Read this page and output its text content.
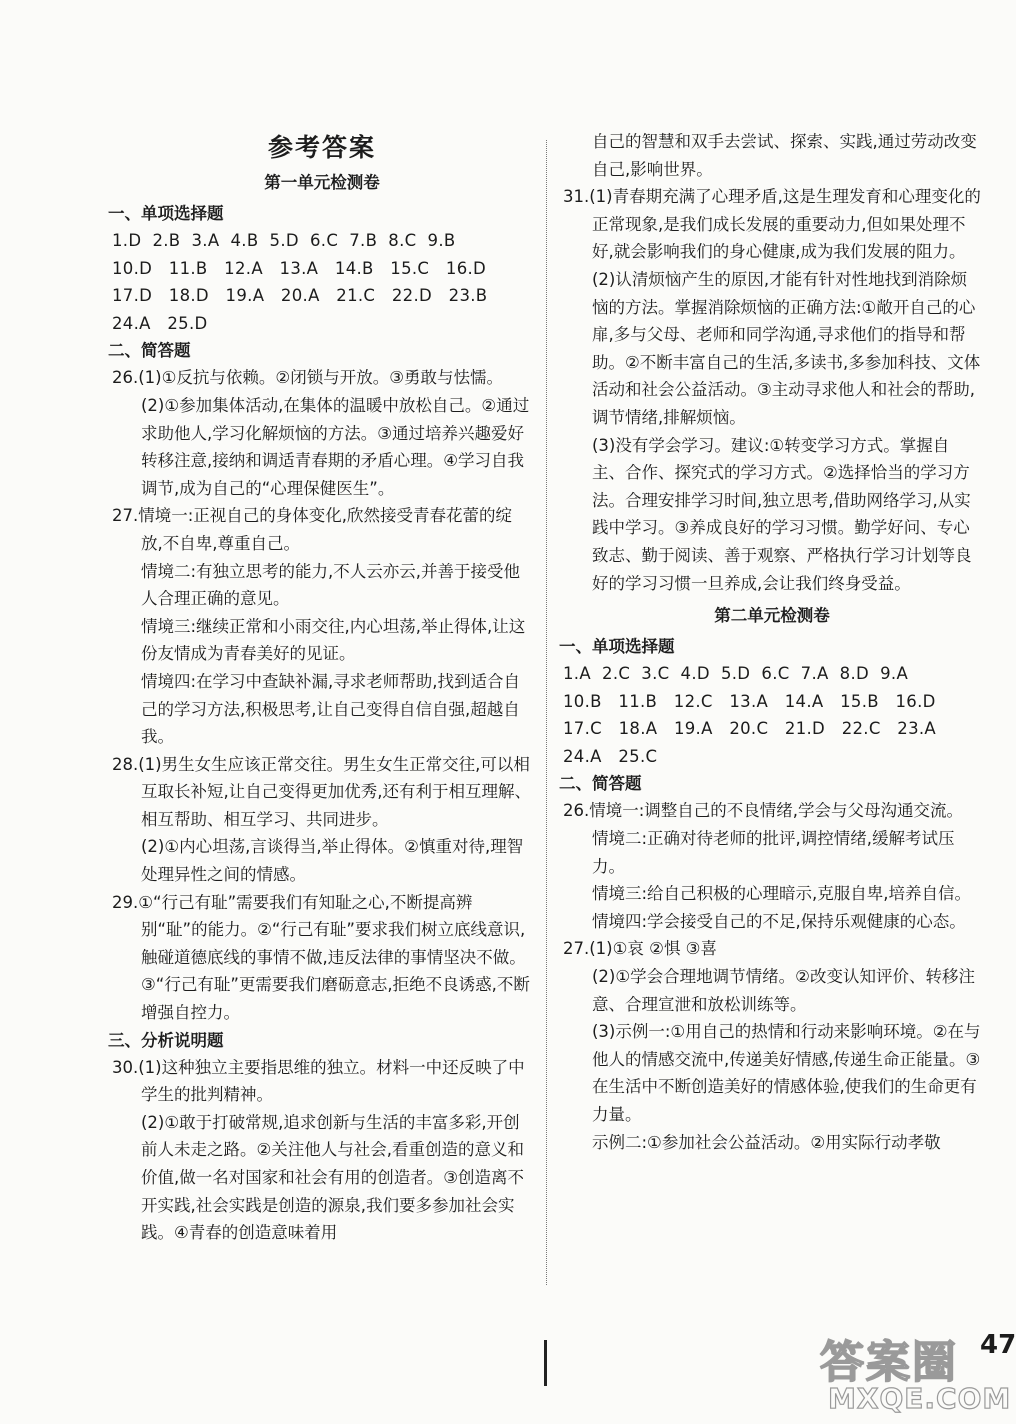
参考答案
第一单元检测卷
一、单项选择题
1.D  2.B  3.A  4.B  5.D  6.C  7.B  8.C  9.B
10.D   11.B   12.A   13.A   14.B   15.C   16.D
17.D   18.D   19.A   20.A   21.C   22.D   23.B
24.A   25.D
二、简答题

26.(1)①反抗与依赖。②闭锁与开放。③勇敢与怯懦。

(2)①参加集体活动,在集体的温暖中放松自己。②通过求助他人,学习化解烦恼的方法。③通过培养兴趣爱好转移注意,接纳和调适青春期的矛盾心理。④学习自我调节,成为自己的“心理保健医生”。

27.情境一:正视自己的身体变化,欣然接受青春花蕾的绽放,不自卑,尊重自己。

情境二:有独立思考的能力,不人云亦云,并善于接受他人合理正确的意见。

情境三:继续正常和小雨交往,内心坦荡,举止得体,让这份友情成为青春美好的见证。

情境四:在学习中查缺补漏,寻求老师帮助,找到适合自己的学习方法,积极思考,让自己变得自信自强,超越自我。

28.(1)男生女生应该正常交往。男生女生正常交往,可以相互取长补短,让自己变得更加优秀,还有利于相互理解、相互帮助、相互学习、共同进步。

(2)①内心坦荡,言谈得当,举止得体。②慎重对待,理智处理异性之间的情感。

29.①“行己有耻”需要我们有知耻之心,不断提高辨别“耻”的能力。②“行己有耻”要求我们树立底线意识,触碰道德底线的事情不做,违反法律的事情坚决不做。③“行己有耻”更需要我们磨砺意志,拒绝不良诱惑,不断增强自控力。

三、分析说明题

30.(1)这种独立主要指思维的独立。材料一中还反映了中学生的批判精神。

(2)①敢于打破常规,追求创新与生活的丰富多彩,开创前人未走之路。②关注他人与社会,看重创造的意义和价值,做一名对国家和社会有用的创造者。③创造离不开实践,社会实践是创造的源泉,我们要多参加社会实践。④青春的创造意味着用

自己的智慧和双手去尝试、探索、实践,通过劳动改变自己,影响世界。

31.(1)青春期充满了心理矛盾,这是生理发育和心理变化的正常现象,是我们成长发展的重要动力,但如果处理不好,就会影响我们的身心健康,成为我们发展的阻力。

(2)认清烦恼产生的原因,才能有针对性地找到消除烦恼的方法。掌握消除烦恼的正确方法:①敞开自己的心扉,多与父母、老师和同学沟通,寻求他们的指导和帮助。②不断丰富自己的生活,多读书,多参加科技、文体活动和社会公益活动。③主动寻求他人和社会的帮助,调节情绪,排解烦恼。

(3)没有学会学习。建议:①转变学习方式。掌握自主、合作、探究式的学习方式。②选择恰当的学习方法。合理安排学习时间,独立思考,借助网络学习,从实践中学习。③养成良好的学习习惯。勤学好问、专心致志、勤于阅读、善于观察、严格执行学习计划等良好的学习习惯一旦养成,会让我们终身受益。

第二单元检测卷
一、单项选择题
1.A  2.C  3.C  4.D  5.D  6.C  7.A  8.D  9.A
10.B   11.B   12.C   13.A   14.A   15.B   16.D
17.C   18.A   19.A   20.C   21.D   22.C   23.A
24.A   25.C
二、简答题

26.情境一:调整自己的不良情绪,学会与父母沟通交流。

情境二:正确对待老师的批评,调控情绪,缓解考试压力。

情境三:给自己积极的心理暗示,克服自卑,培养自信。

情境四:学会接受自己的不足,保持乐观健康的心态。

27.(1)①哀 ②惧 ③喜

(2)①学会合理地调节情绪。②改变认知评价、转移注意、合理宣泄和放松训练等。

(3)示例一:①用自己的热情和行动来影响环境。②在与他人的情感交流中,传递美好情感,传递生命正能量。③在生活中不断创造美好的情感体验,使我们的生命更有力量。

示例二:①参加社会公益活动。②用实际行动孝敬

答案圈
MXQE.COM
47
